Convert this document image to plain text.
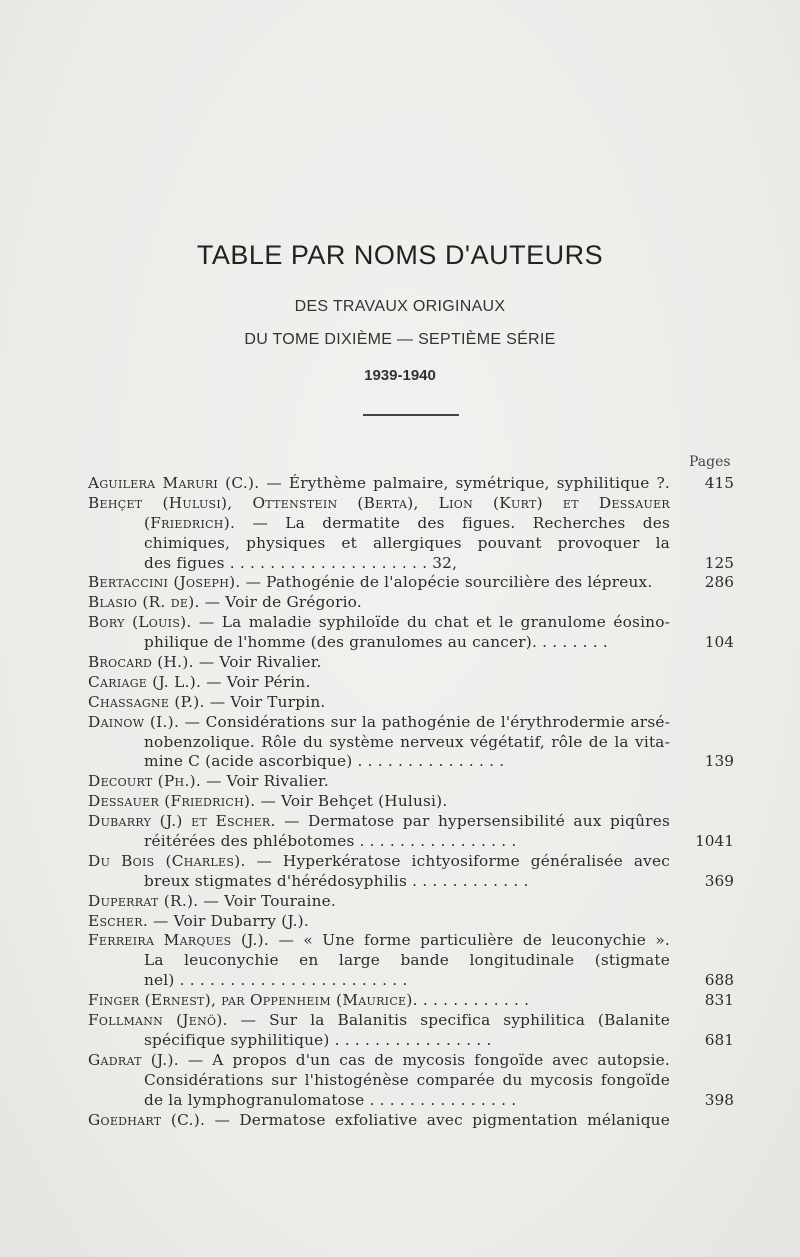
TABLE PAR NOMS D'AUTEURS
DES TRAVAUX ORIGINAUX
DU TOME DIXIÈME — SEPTIÈME SÉRIE
1939-1940
Pages
Aguilera Maruri (C.). — Érythème palmaire, symétrique, syphilitique ?.	415
Behçet (Hulusi), Ottenstein (Berta), Lion (Kurt) et Dessauer
(Friedrich). — La dermatite des figues. Recherches des
chimiques, physiques et allergiques pouvant provoquer la
des figues . . . . . . . . . . . . . . . . . . . . 32,	125
Bertaccini (Joseph). — Pathogénie de l'alopécie sourcilière des lépreux.	286
Blasio (R. de). — Voir de Grégorio.
Bory (Louis). — La maladie syphiloïde du chat et le granulome éosino-
philique de l'homme (des granulomes au cancer). . . . . . . .	104
Brocard (H.). — Voir Rivalier.
Cariage (J. L.). — Voir Périn.
Chassagne (P.). — Voir Turpin.
Dainow (I.). — Considérations sur la pathogénie de l'érythrodermie arsé-
nobenzolique. Rôle du système nerveux végétatif, rôle de la vita-
mine C (acide ascorbique) . . . . . . . . . . . . . . .	139
Decourt (Ph.). — Voir Rivalier.
Dessauer (Friedrich). — Voir Behçet (Hulusi).
Dubarry (J.) et Escher. — Dermatose par hypersensibilité aux piqûres
réitérées des phlébotomes . . . . . . . . . . . . . . . .	1041
Du Bois (Charles). — Hyperkératose ichtyosiforme généralisée avec
breux stigmates d'hérédosyphilis . . . . . . . . . . . .	369
Duperrat (R.). — Voir Touraine.
Escher. — Voir Dubarry (J.).
Ferreira Marques (J.). — « Une forme particulière de leuconychie ».
La leuconychie en large bande longitudinale (stigmate
nel) . . . . . . . . . . . . . . . . . . . . . . .	688
Finger (Ernest), par Oppenheim (Maurice). . . . . . . . . . . .	831
Follmann (Jenö). — Sur la Balanitis specifica syphilitica (Balanite
spécifique syphilitique) . . . . . . . . . . . . . . . .	681
Gadrat (J.). — A propos d'un cas de mycosis fongoïde avec autopsie.
Considérations sur l'histogénèse comparée du mycosis fongoïde
de la lymphogranulomatose . . . . . . . . . . . . . . .	398
Goedhart (C.). — Dermatose exfoliative avec pigmentation mélanique
